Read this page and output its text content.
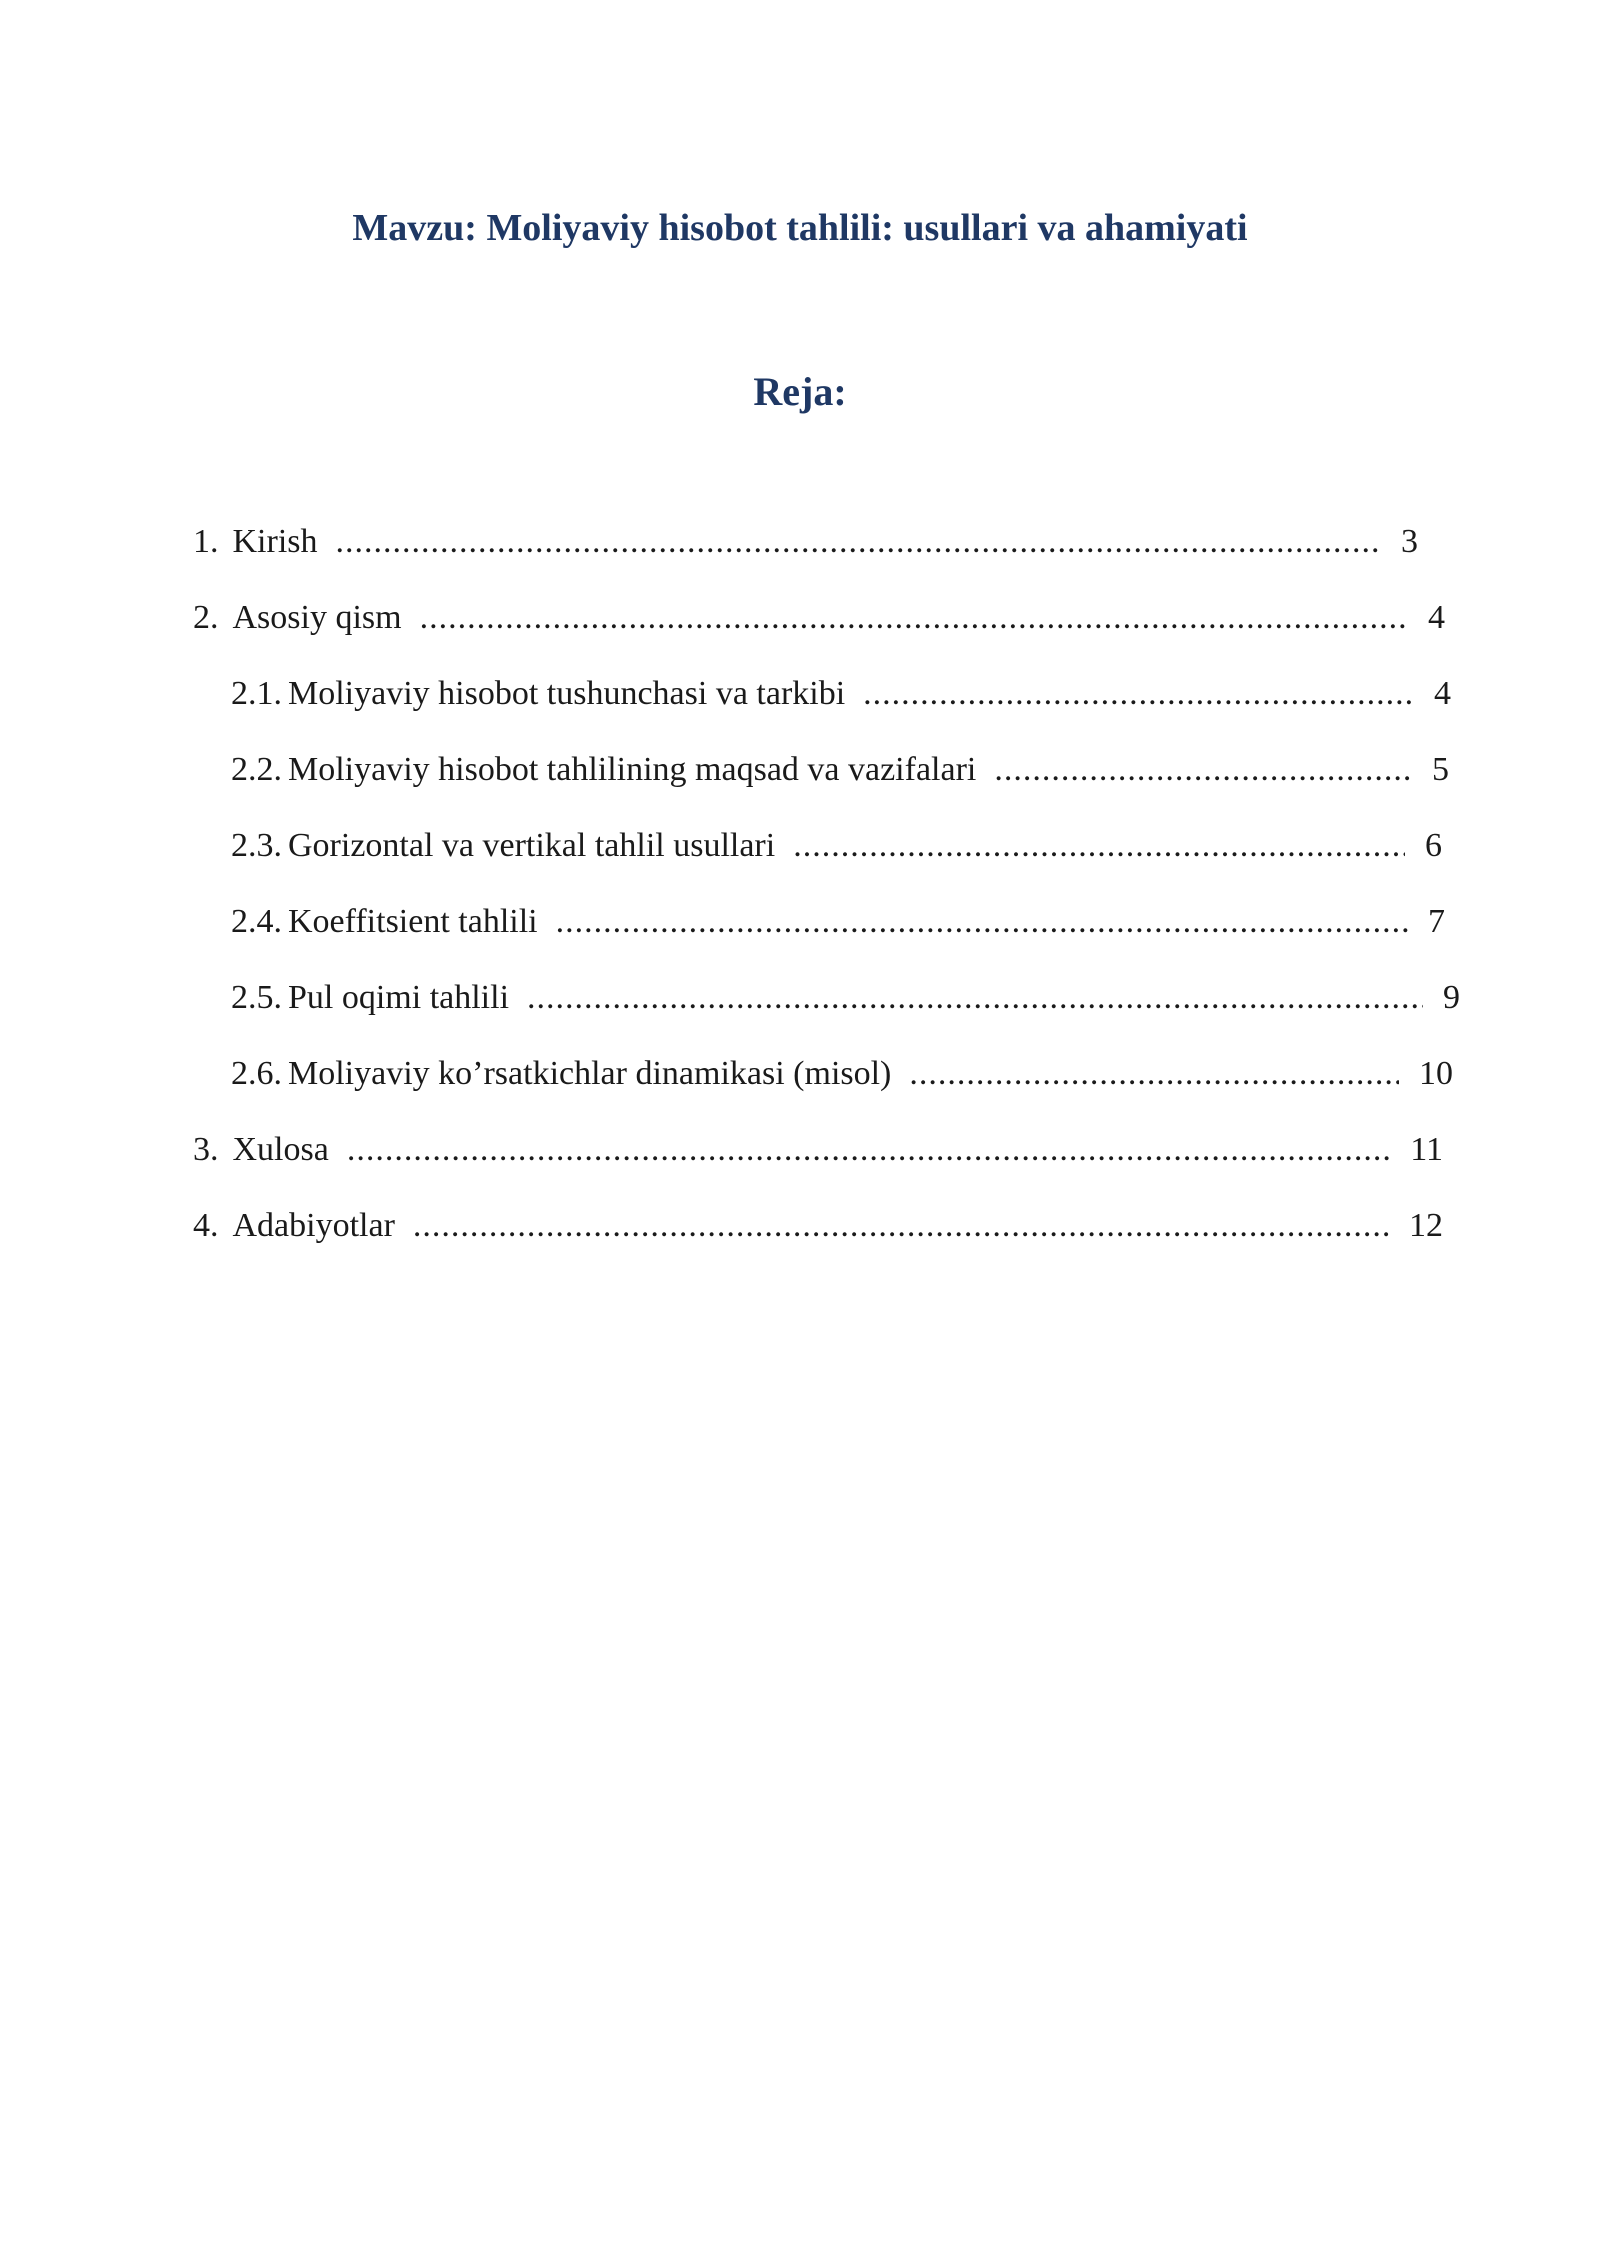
Mavzu: Moliyaviy hisobot tahlili: usullari va ahamiyati
Reja:
1. Kirish .....	3
2. Asosiy qism .....	4
2.1. Moliyaviy hisobot tushunchasi va tarkibi .....	4
2.2. Moliyaviy hisobot tahlilining maqsad va vazifalari .....	5
2.3. Gorizontal va vertikal tahlil usullari .....	6
2.4. Koeffitsient tahlili .....	7
2.5. Pul oqimi tahlili .....	9
2.6. Moliyaviy ko’rsatkichlar dinamikasi (misol) .....	10
3. Xulosa .....	11
4. Adabiyotlar .....	12
